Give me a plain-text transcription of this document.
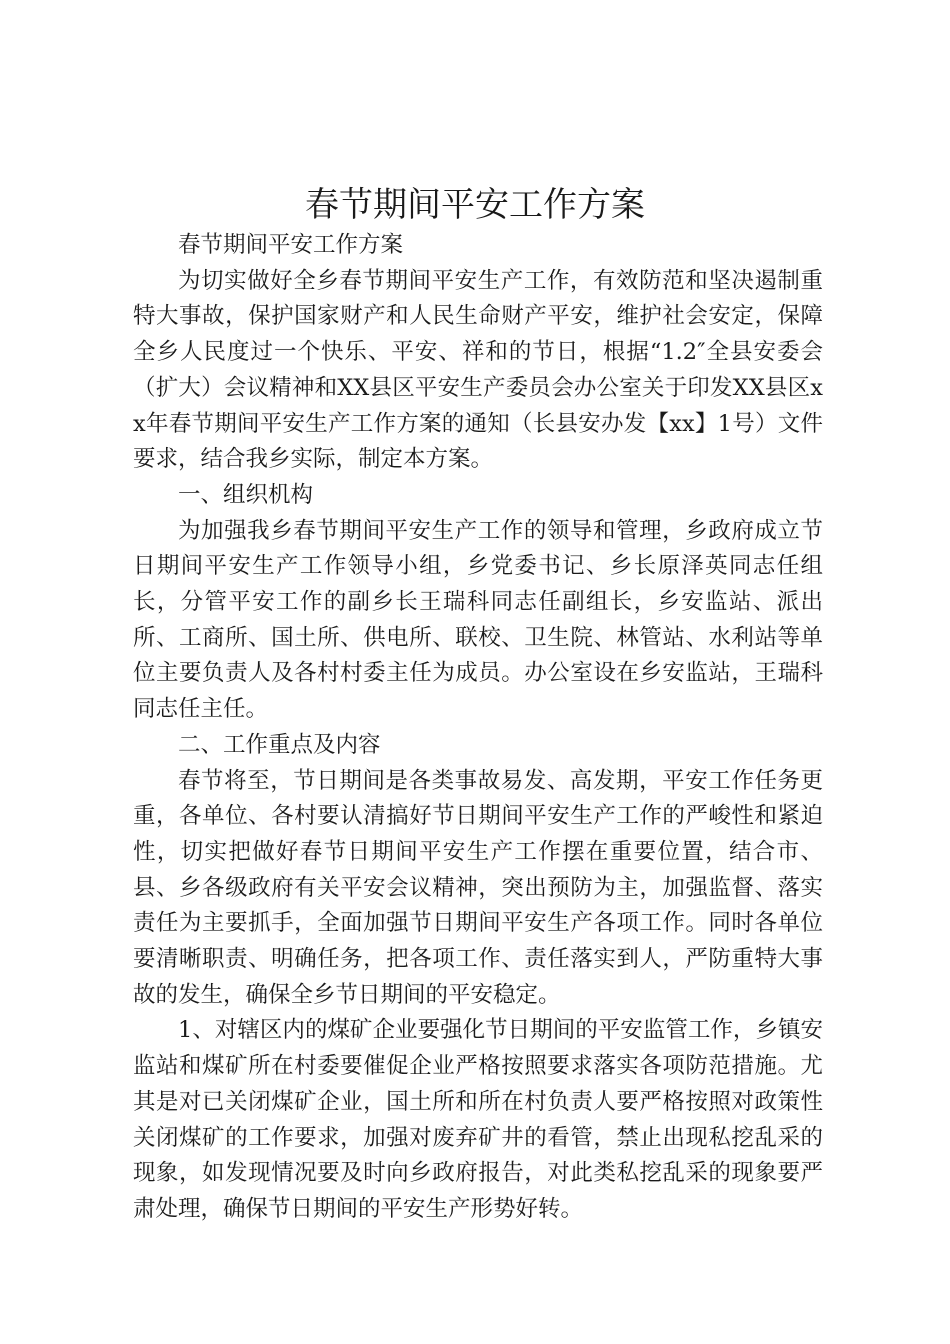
春节期间平安工作方案

春节期间平安工作方案

为切实做好全乡春节期间平安生产工作，有效防范和坚决遏制重特大事故，保护国家财产和人民生命财产平安，维护社会安定，保障全乡人民度过一个快乐、平安、祥和的节日，根据“1.2″全县安委会（扩大）会议精神和XX县区平安生产委员会办公室关于印发XX县区xx年春节期间平安生产工作方案的通知（长县安办发【xx】1号）文件要求，结合我乡实际，制定本方案。

一、组织机构

为加强我乡春节期间平安生产工作的领导和管理，乡政府成立节日期间平安生产工作领导小组，乡党委书记、乡长原泽英同志任组长，分管平安工作的副乡长王瑞科同志任副组长，乡安监站、派出所、工商所、国土所、供电所、联校、卫生院、林管站、水利站等单位主要负责人及各村村委主任为成员。办公室设在乡安监站，王瑞科同志任主任。

二、工作重点及内容

春节将至，节日期间是各类事故易发、高发期，平安工作任务更重，各单位、各村要认清搞好节日期间平安生产工作的严峻性和紧迫性，切实把做好春节日期间平安生产工作摆在重要位置，结合市、县、乡各级政府有关平安会议精神，突出预防为主，加强监督、落实责任为主要抓手，全面加强节日期间平安生产各项工作。同时各单位要清晰职责、明确任务，把各项工作、责任落实到人，严防重特大事故的发生，确保全乡节日期间的平安稳定。

1、对辖区内的煤矿企业要强化节日期间的平安监管工作，乡镇安监站和煤矿所在村委要催促企业严格按照要求落实各项防范措施。尤其是对已关闭煤矿企业，国土所和所在村负责人要严格按照对政策性关闭煤矿的工作要求，加强对废弃矿井的看管，禁止出现私挖乱采的现象，如发现情况要及时向乡政府报告，对此类私挖乱采的现象要严肃处理，确保节日期间的平安生产形势好转。
